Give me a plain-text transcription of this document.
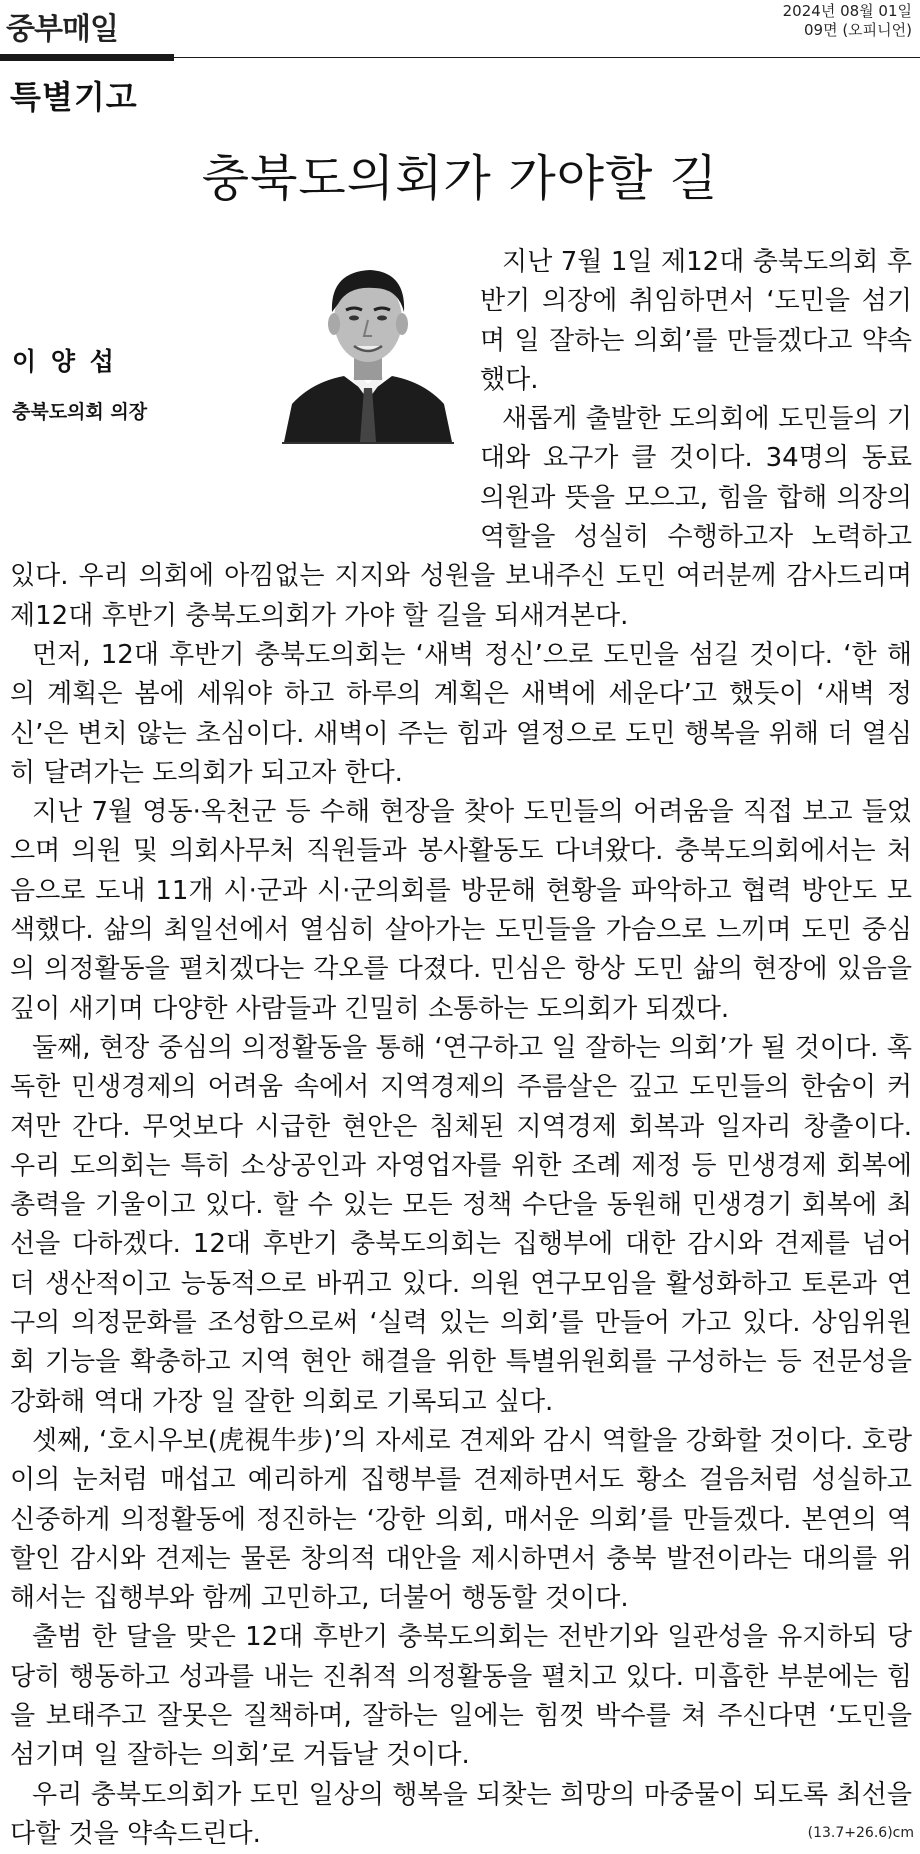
중부매일
2024년 08월 01일
09면 (오피니언)
특별기고
충북도의회가 가야할 길
이 양 섭
충북도의회 의장

지난 7월 1일 제12대 충북도의회 후반기 의장에 취임하면서 ‘도민을 섬기며 일 잘하는 의회’를 만들겠다고 약속했다.

새롭게 출발한 도의회에 도민들의 기대와 요구가 클 것이다. 34명의 동료의원과 뜻을 모으고, 힘을 합해 의장의 역할을 성실히 수행하고자 노력하고 있다. 우리 의회에 아낌없는 지지와 성원을 보내주신 도민 여러분께 감사드리며 제12대 후반기 충북도의회가 가야 할 길을 되새겨본다.

먼저, 12대 후반기 충북도의회는 ‘새벽 정신’으로 도민을 섬길 것이다. ‘한 해의 계획은 봄에 세워야 하고 하루의 계획은 새벽에 세운다’고 했듯이 ‘새벽 정신’은 변치 않는 초심이다. 새벽이 주는 힘과 열정으로 도민 행복을 위해 더 열심히 달려가는 도의회가 되고자 한다.

지난 7월 영동·옥천군 등 수해 현장을 찾아 도민들의 어려움을 직접 보고 들었으며 의원 및 의회사무처 직원들과 봉사활동도 다녀왔다. 충북도의회에서는 처음으로 도내 11개 시·군과 시·군의회를 방문해 현황을 파악하고 협력 방안도 모색했다. 삶의 최일선에서 열심히 살아가는 도민들을 가슴으로 느끼며 도민 중심의 의정활동을 펼치겠다는 각오를 다졌다. 민심은 항상 도민 삶의 현장에 있음을 깊이 새기며 다양한 사람들과 긴밀히 소통하는 도의회가 되겠다.

둘째, 현장 중심의 의정활동을 통해 ‘연구하고 일 잘하는 의회’가 될 것이다. 혹독한 민생경제의 어려움 속에서 지역경제의 주름살은 깊고 도민들의 한숨이 커져만 간다. 무엇보다 시급한 현안은 침체된 지역경제 회복과 일자리 창출이다. 우리 도의회는 특히 소상공인과 자영업자를 위한 조례 제정 등 민생경제 회복에 총력을 기울이고 있다. 할 수 있는 모든 정책 수단을 동원해 민생경기 회복에 최선을 다하겠다. 12대 후반기 충북도의회는 집행부에 대한 감시와 견제를 넘어 더 생산적이고 능동적으로 바뀌고 있다. 의원 연구모임을 활성화하고 토론과 연구의 의정문화를 조성함으로써 ‘실력 있는 의회’를 만들어 가고 있다. 상임위원회 기능을 확충하고 지역 현안 해결을 위한 특별위원회를 구성하는 등 전문성을 강화해 역대 가장 일 잘한 의회로 기록되고 싶다.

셋째, ‘호시우보(虎視牛步)’의 자세로 견제와 감시 역할을 강화할 것이다. 호랑이의 눈처럼 매섭고 예리하게 집행부를 견제하면서도 황소 걸음처럼 성실하고 신중하게 의정활동에 정진하는 ‘강한 의회, 매서운 의회’를 만들겠다. 본연의 역할인 감시와 견제는 물론 창의적 대안을 제시하면서 충북 발전이라는 대의를 위해서는 집행부와 함께 고민하고, 더불어 행동할 것이다.

출범 한 달을 맞은 12대 후반기 충북도의회는 전반기와 일관성을 유지하되 당당히 행동하고 성과를 내는 진취적 의정활동을 펼치고 있다. 미흡한 부분에는 힘을 보태주고 잘못은 질책하며, 잘하는 일에는 힘껏 박수를 쳐 주신다면 ‘도민을 섬기며 일 잘하는 의회’로 거듭날 것이다.

우리 충북도의회가 도민 일상의 행복을 되찾는 희망의 마중물이 되도록 최선을 다할 것을 약속드린다.	(13.7+26.6)cm
